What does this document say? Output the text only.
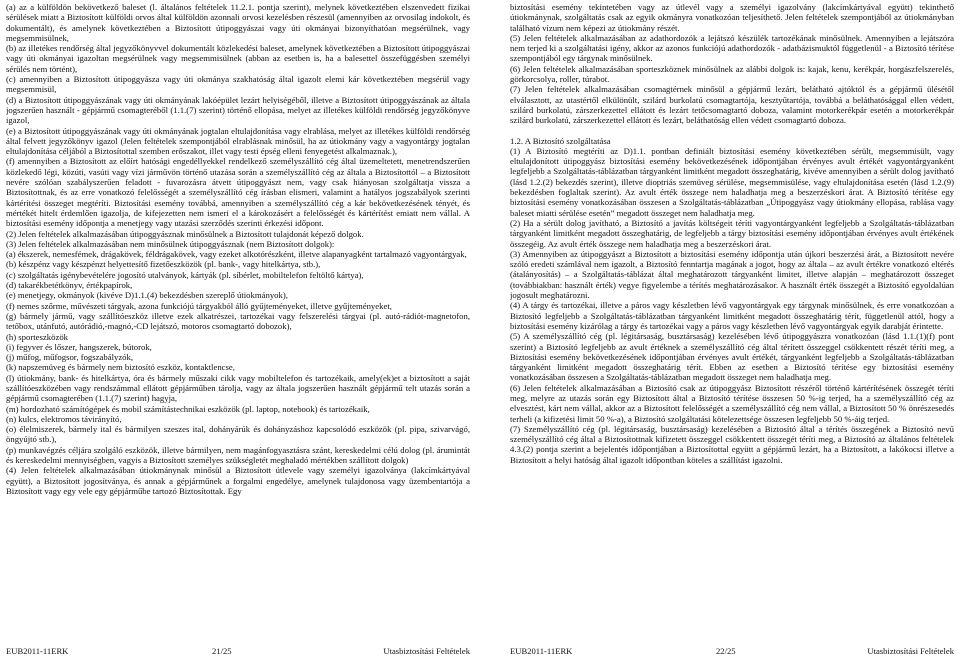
(a) az a külföldön bekövetkező baleset (l. általános feltételek 11.2.1. pontja szerint), melynek következtében elszenvedett fizikai sérülések miatt a Biztosított külföldi orvos által külföldön azonnali orvosi kezelésben részesül (amennyiben az orvosilag indokolt, és dokumentált), és amelynek következtében a Biztosított útipoggyászai vagy úti okmányai bizonyíthatóan megsérülnek, vagy megsemmisülnek,

(b) az illetékes rendőrség által jegyzőkönyvvel dokumentált közlekedési baleset, amelynek következtében a Biztosított útipoggyászai vagy úti okmányai igazoltan megsérülnek vagy megsemmisülnek (abban az esetben is, ha a balesettel összefüggésben személyi sérülés nem történt),

(c) amennyiben a Biztosított útipoggyásza vagy úti okmánya szakhatóság által igazolt elemi kár következtében megsérül vagy megsemmisül,

(d) a Biztosított útipoggyászának vagy úti okmányának lakóépület lezárt helyiségéből, illetve a Biztosított útipoggyászának az általa jogszerűen használt - gépjármű csomagteréből (1.1.(7) szerint) történő ellopása, melyet az illetékes külföldi rendőrség jegyzőkönyve igazol,

(e) a Biztosított útipoggyászának vagy úti okmányának jogtalan eltulajdonítása vagy elrablása, melyet az illetékes külföldi rendőrség által felvett jegyzőkönyv igazol (Jelen feltételek szempontjából elrablásnak minősül, ha az útiokmány vagy a vagyontárgy jogtalan eltulajdonítása céljából a Biztosítottal szemben erőszakot, illet vagy testi épség elleni fenyegetést alkalmaznak.),

(f) amennyiben a Biztosított az előírt hatósági engedéllyekkel rendelkező személyszállító cég által üzemeltetett, menetrendszerűen közlekedő légi, közúti, vasúti vagy vízi járművön történő utazása során a személyszállító cég az általa a Biztosítottól – a Biztosított nevére szólóan szabályszerűen feladott - fuvarozásra átvett útipoggyászt nem, vagy csak hiányosan szolgáltatja vissza a Biztosítottnak, és az erre vonatkozó felelősségét a személyszállító cég írásban elismeri, valamint a hatályos jogszabályok szerinti kártérítési összeget megtéríti. Biztosítási esemény továbbá, amennyiben a személyszállító cég a kár bekövetkezésének tényét, és mértékét hitelt érdemlően igazolja, de kifejezetten nem ismeri el a károkozásért a felelősségét és kártérítést emiatt nem vállal. A biztosítási esemény időpontja a menetjegy vagy utazási szerződés szerinti érkezési időpont.

(2) Jelen feltételek alkalmazásában útipoggyásznak minősülnek a Biztosított tulajdonát képező dolgok.

(3) Jelen feltételek alkalmazásában nem minősülnek útipoggyásznak (nem Biztosított dolgok):

(a) ékszerek, nemesfémek, drágakövek, féldrágakövek, vagy ezeket alkotórészként, illetve alapanyagként tartalmazó vagyontárgyak,

(b) készpénz vagy készpénzt helyettesítő fizetőeszközök (pl. bank-, vagy hitelkártya, stb.),

(c) szolgáltatás igénybevételére jogosító utalványok, kártyák (pl. síbérlet, mobiltelefon feltöltő kártya),

(d) takarékbetétkönyv, értékpapírok,

(e) menetjegy, okmányok (kivéve D)1.1.(4) bekezdésben szereplő útiokmányok),

(f) nemes szőrme, művészeti tárgyak, azona funkciójú tárgyakból álló gyűjteményeket, illetve gyűjteményeket,

(g) bármely jármű, vagy szállítóeszköz illetve ezek alkatrészei, tartozékai vagy felszerelési tárgyai (pl. autó-rádiót-magnetofon, tetőbox, utánfutó, autórádió,-magnó,-CD lejátszó, motoros csomagtartó dobozok),

(h) sporteszközök

(i) fegyver és lőszer, hangszerek, bútorok,

(j) műfog, műfogsor, fogszabályzók,

(k) napszemüveg és bármely nem biztosító eszköz, kontaktlencse,

(l) útiokmány, bank- és hitelkártya, óra és bármely műszaki cikk vagy mobiltelefon és tartozékaik, amely(ek)et a biztosított a saját szállítóeszközében vagy rendszámmal ellátott gépjárműben tárolja, vagy az általa jogszerűen használt gépjármű telt utazás során a gépjármű csomagterében (1.1.(7) szerint) hagyja,

(m) hordozható számítógépek és mobil számítástechnikai eszközök (pl. laptop, notebook) és tartozékaik,

(n) kulcs, elektromos távirányító,

(o) élelmiszerek, bármely ital és bármilyen szeszes ital, dohányárúk és dohányzáshoz kapcsolódó eszközök (pl. pipa, szivarvágó, öngyújtó stb.),

(p) munkavégzés céljára szolgáló eszközök, illetve bármilyen, nem magánfogyasztásra szánt, kereskedelmi célú dolog (pl. árumintát és kereskedelmi mennyiségben, vagyis a Biztosított személyes szükségletét meghaladó mértékben szállított dolgok)

(4) Jelen feltételek alkalmazásában útiokmánynak minősül a Biztosított útlevele vagy személyi igazolványa (lakcímkártyával együtt), a Biztosított jogosítványa, és annak a gépjárműnek a forgalmi engedélye, amelynek tulajdonosa vagy üzembentartója a Biztosított vagy egy vele egy gépjárműbe tartozó Biztosítottak. Egy

EUB2011-11ERK	21/25	Utasbiztosítási Feltételek

biztosítási esemény tekintetében vagy az útlevél vagy a személyi igazolvány (lakcímkártyával együtt) tekinthető útiokmánynak, szolgáltatás csak az egyik okmányra vonatkozóan teljesíthető. Jelen feltételek szempontjából az útiokmányban található vízum nem képezi az útiokmány részét.

(5) Jelen feltételek alkalmazásában az adathordozók a lejátszó készülék tartozékának minősülnek. Amennyiben a lejátszóra nem terjed ki a szolgáltatási igény, akkor az azonos funkciójú adathordozók - adatbázismuktól függetlenül - a Biztosító térítése szempontjából egy tárgynak minősülnek.

(6) Jelen feltételek alkalmazásában sporteszköznek minősülnek az alábbi dolgok is: kajak, kenu, kerékpár, horgászfelszerelés, görkorcsolya, roller, túrabot.

(7) Jelen feltételek alkalmazásában csomagtérnek minősül a gépjármű lezárt, belátható ajtóktól és a gépjármű ülésétől elválasztott, az utastértől elkülönült, szilárd burkolatú csomagtartója, kesztyűtartója, továbbá a beláthatósággal ellen védett, szilárd burkolatú, zárszerkezettel ellátott és lezárt tetőcsomagtartó doboza, valamint motorkerékpár esetén a motorkerékpár szilárd burkolatú, zárszerkezettel ellátott és lezárt, beláthatóság ellen védett csomagtartó doboza.

1.2. A Biztosító szolgáltatása

(1) A Biztosító megtéríti az D)1.1. pontban definiált biztosítási esemény következtében sérült, megsemmisült, vagy eltulajdonított útipoggyász biztosítási esemény bekövetkezésének időpontjában érvényes avult értékét vagyontárgyanként legfeljebb a Szolgáltatás-táblázatban tárgyanként limitként megadott összeghatárig, kivéve amennyiben a sérült dolog javítható (lásd 1.2.(2) bekezdés szerint), illetve dioptriás szemüveg sérülése, megsemmisülése, vagy eltulajdonítása esetén (lásd 1.2.(9) bekezdésben foglaltak szerint). Az avult érték összege nem haladhatja meg a beszerzéskori árat. A Biztosító térítése egy biztosítási esemény vonatkozásában összesen a Szolgáltatás-táblázatban „Útipoggyász vagy útiokmány ellopása, rablása vagy baleset miatti sérülése esetén” megadott összeget nem haladhatja meg.

(2) Ha a sérült dolog javítható, a Biztosító a javítás költségeit téríti vagyontárgyanként legfeljebb a Szolgáltatás-táblázatban tárgyanként limitként megadott összeghatárig, de legfeljebb a tárgy biztosítási esemény időpontjában érvényes avult értékének összegéig. Az avult érték összege nem haladhatja meg a beszerzéskori árat.

(3) Amennyiben az útipoggyászt a Biztosított a biztosítási esemény időpontja után újkori beszerzési árát, a Biztosított nevére szóló eredeti számlával nem igazolt, a Biztosító fenntartja magának a jogot, hogy az általa – az avult értékre vonatkozó eltérés (átalányosítás) – a Szolgáltatás-táblázat által meghatározott tárgyanként limitet, illetve alapján – meghatározott összeget (továbbiakban: használt érték) vegye figyelembe a térítés meghatározásakor. A használt érték összegét a Biztosító egyoldalúan jogosult meghatározni.

(4) A tárgy és tartozékai, illetve a páros vagy készletben lévő vagyontárgyak egy tárgynak minősülnek, és erre vonatkozóan a Biztosító legfeljebb a Szolgáltatás-táblázatban tárgyanként limitként megadott összeghatárig térít, függetlenül attól, hogy a biztosítási esemény kizárólag a tárgy és tartozékai vagy a páros vagy készletben lévő vagyontárgyak egyik darabját érintette.

(5) A személyszállító cég (pl. légitársaság, busztársaság) kezelésében lévő útipoggyászra vonatkozóan (lásd 1.1.(1)(f) pont szerint) a Biztosító legfeljebb az avult értéknek a személyszállító cég által térített összeggel csökkentett részét téríti meg, a Biztosítási esemény bekövetkezésének időpontjában érvényes avult értékét, tárgyanként legfeljebb a Szolgáltatás-táblázatban tárgyanként limitként megadott összeghatárig térít. Ebben az esetben a Biztosító térítése egy biztosítási esemény vonatkozásában összesen a Szolgáltatás-táblázatban megadott összeget nem haladhatja meg.

(6) Jelen feltételek alkalmazásában a Biztosító csak az útipoggyász Biztosított részéről történő kártérítésének összegét téríti meg, melyre az utazás során egy Biztosított által a Biztosító térítése összesen 50 %-ig terjed, ha a személyszállító cég az elvesztést, kárt nem vállal, akkor az a Biztosított felelősségét a személyszállító cég nem vállal, a Biztosított 50 % önrészesedés terheli (a kifizetési limit 50 %-a), a Biztosító szolgáltatási kötelezettsége összesen legfeljebb 50 %-áig terjed.

(7) Személyszállító cég (pl. légitársaság, busztársaság) kezelésében a Biztosító által a térítés összegének a Biztosító nevű személyszállító cég által a Biztosítottnak kifizetett összeggel csökkentett összegét téríti meg, a Biztosító az általános feltételek 4.3.(2) pontja szerint a bejelentés időpontjában a Biztosítottal együtt a gépjármű lezárt, ha a Biztosított, a lakókocsi illetve a Biztosított a helyi hatóság által igazolt időpontban köteles a szállítást igazolni.

EUB2011-11ERK	22/25	Utasbiztosítási Feltételek
